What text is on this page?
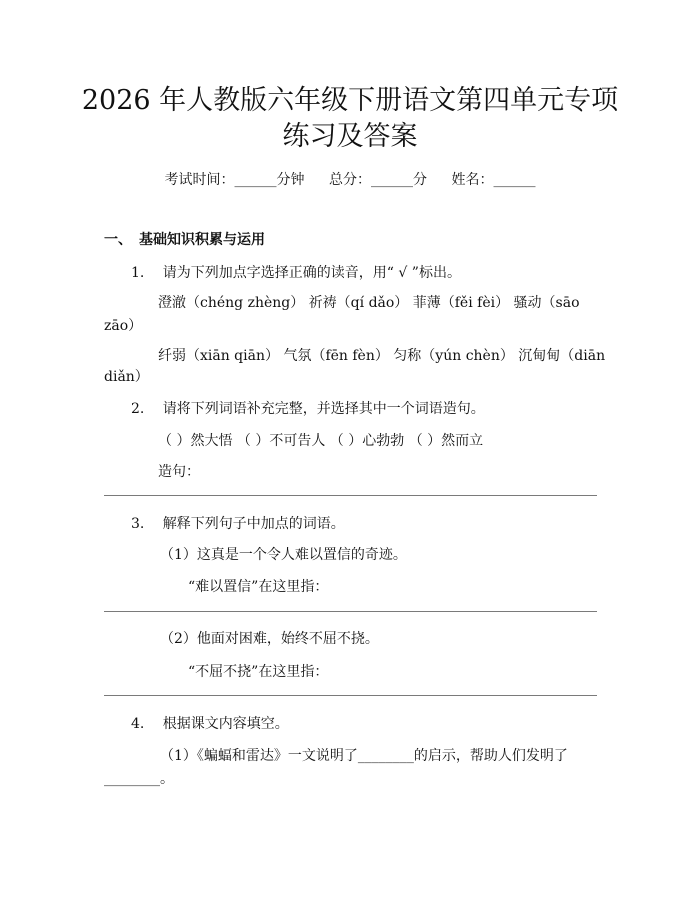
2026 年人教版六年级下册语文第四单元专项
练习及答案
考试时间：______分钟 总分：______分 姓名：______
一、　基础知识积累与运用
1.　 请为下列加点字选择正确的读音，用“ √ ”标出。
澄澈（chéng zhèng） 祈祷（qí dǎo） 菲薄（fěi fèi） 骚动（sāo
zāo）
纤弱（xiān qiān） 气氛（fēn fèn） 匀称（yún chèn） 沉甸甸（diān
diǎn）
2.　 请将下列词语补充完整，并选择其中一个词语造句。
（ ）然大悟 （ ）不可告人 （ ）心勃勃 （ ）然而立
造句：
3.　 解释下列句子中加点的词语。
（1）这真是一个令人难以置信的奇迹。
“难以置信”在这里指：
（2）他面对困难，始终不屈不挠。
“不屈不挠”在这里指：
4.　 根据课文内容填空。
（1）《蝙蝠和雷达》一文说明了________的启示，帮助人们发明了
________。
